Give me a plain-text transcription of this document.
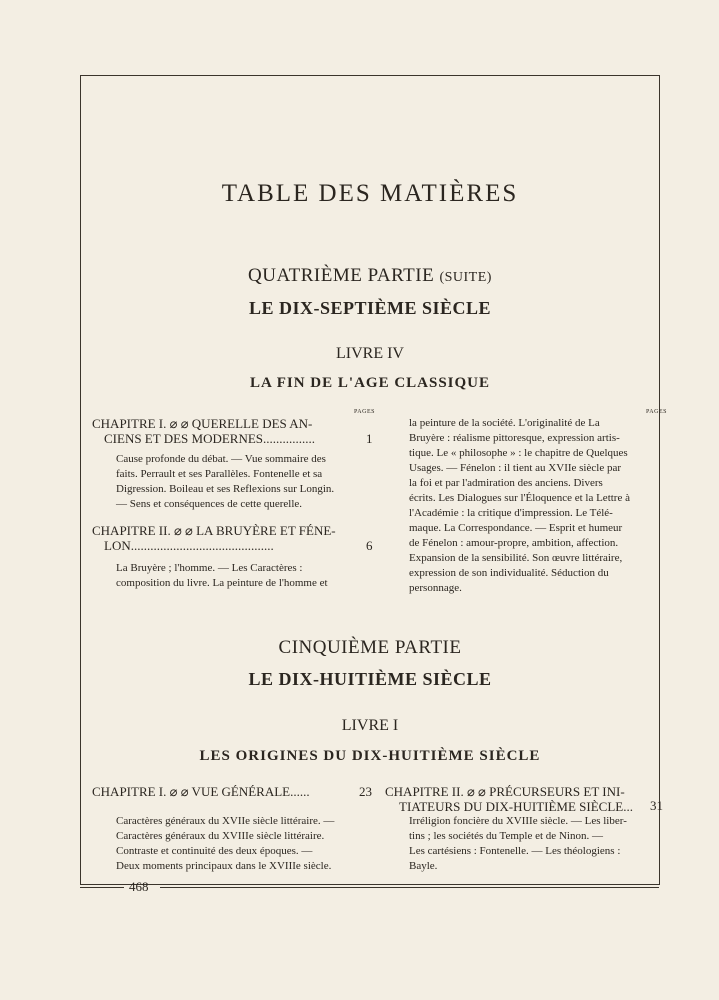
TABLE DES MATIÈRES
QUATRIÈME PARTIE (SUITE)
LE DIX-SEPTIÈME SIÈCLE
LIVRE IV
LA FIN DE L'AGE CLASSIQUE
PAGES	PAGES
CHAPITRE I. ⌀ ⌀ QUERELLE DES AN-
CIENS ET DES MODERNES................	1
Cause profonde du débat. — Vue sommaire des
faits. Perrault et ses Parallèles. Fontenelle et sa
Digression. Boileau et ses Reflexions sur Longin.
— Sens et conséquences de cette querelle.
CHAPITRE II. ⌀ ⌀ LA BRUYÈRE ET FÉNE-
LON............................................	6
La Bruyère ; l'homme. — Les Caractères :
composition du livre. La peinture de l'homme et
la peinture de la société. L'originalité de La
Bruyère : réalisme pittoresque, expression artis-
tique. Le « philosophe » : le chapitre de Quelques
Usages. — Fénelon : il tient au XVIIe siècle par
la foi et par l'admiration des anciens. Divers
écrits. Les Dialogues sur l'Éloquence et la Lettre à
l'Académie : la critique d'impression. Le Télé-
maque. La Correspondance. — Esprit et humeur
de Fénelon : amour-propre, ambition, affection.
Expansion de la sensibilité. Son œuvre littéraire,
expression de son individualité. Séduction du
personnage.
CINQUIÈME PARTIE
LE DIX-HUITIÈME SIÈCLE
LIVRE I
LES ORIGINES DU DIX-HUITIÈME SIÈCLE
CHAPITRE I. ⌀ ⌀ VUE GÉNÉRALE......	23
Caractères généraux du XVIIe siècle littéraire. —
Caractères généraux du XVIIIe siècle littéraire.
Contraste et continuité des deux époques. —
Deux moments principaux dans le XVIIIe siècle.
CHAPITRE II. ⌀ ⌀ PRÉCURSEURS ET INI-
TIATEURS DU DIX-HUITIÈME SIÈCLE...	31
Irréligion foncière du XVIIIe siècle. — Les liber-
tins ; les sociétés du Temple et de Ninon. —
Les cartésiens : Fontenelle. — Les théologiens :
Bayle.
468
